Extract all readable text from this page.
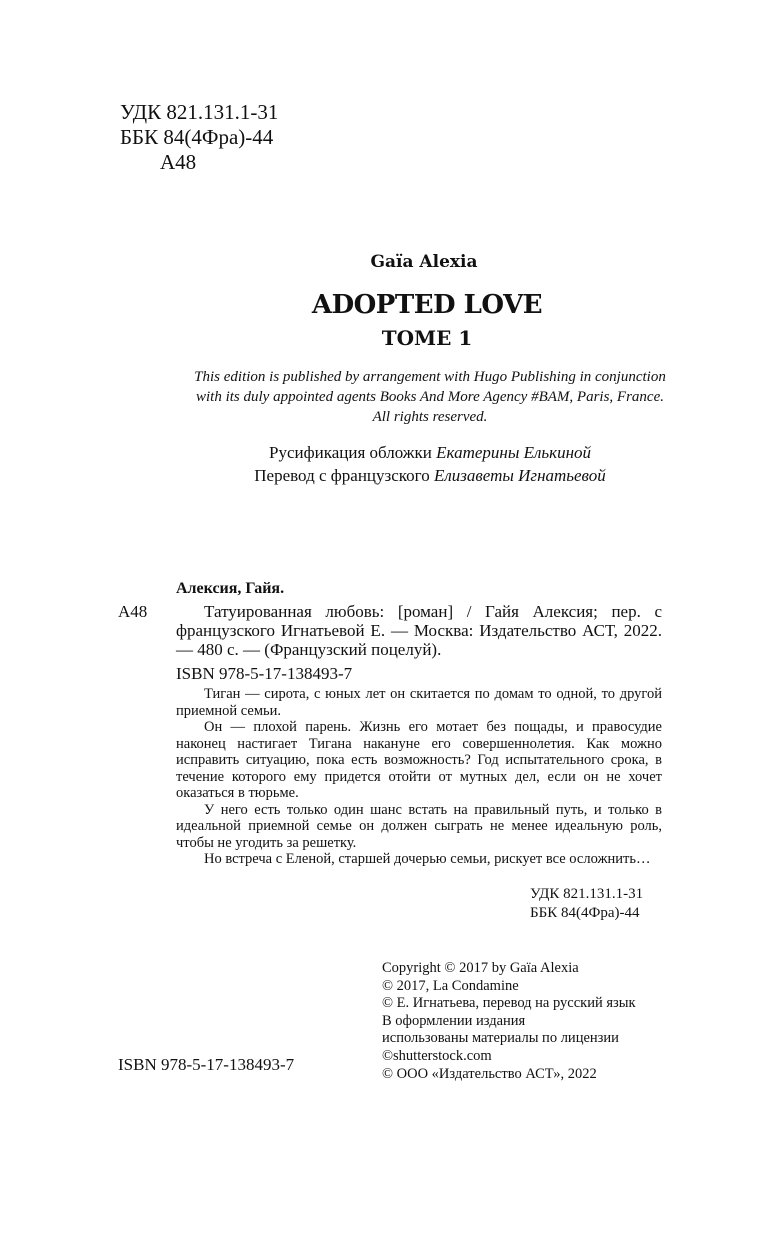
УДК 821.131.1-31
ББК 84(4Фра)-44
А48
Gaïa Alexia
ADOPTED LOVE
TOME 1
This edition is published by arrangement with Hugo Publishing in conjunction with its duly appointed agents Books And More Agency #BAM, Paris, France. All rights reserved.
Русификация обложки Екатерины Елькиной
Перевод с французского Елизаветы Игнатьевой
Алексия, Гайя.
А48	Татуированная любовь: [роман] / Гайя Алексия; пер. с французского Игнатьевой Е. — Москва: Издательство АСТ, 2022. — 480 с. — (Французский поцелуй).
ISBN 978-5-17-138493-7

Тиган — сирота, с юных лет он скитается по домам то одной, то другой приемной семьи.

Он — плохой парень. Жизнь его мотает без пощады, и правосудие наконец настигает Тигана накануне его совершеннолетия. Как можно исправить ситуацию, пока есть возможность? Год испытательного срока, в течение которого ему придется отойти от мутных дел, если он не хочет оказаться в тюрьме.

У него есть только один шанс встать на правильный путь, и только в идеальной приемной семье он должен сыграть не менее идеальную роль, чтобы не угодить за решетку.

Но встреча с Еленой, старшей дочерью семьи, рискует все осложнить…

УДК 821.131.1-31
ББК 84(4Фра)-44
Copyright © 2017 by Gaïa Alexia
© 2017, La Condamine
© Е. Игнатьева, перевод на русский язык
В оформлении издания
использованы материалы по лицензии
©shutterstock.com
© ООО «Издательство АСТ», 2022
ISBN 978-5-17-138493-7
